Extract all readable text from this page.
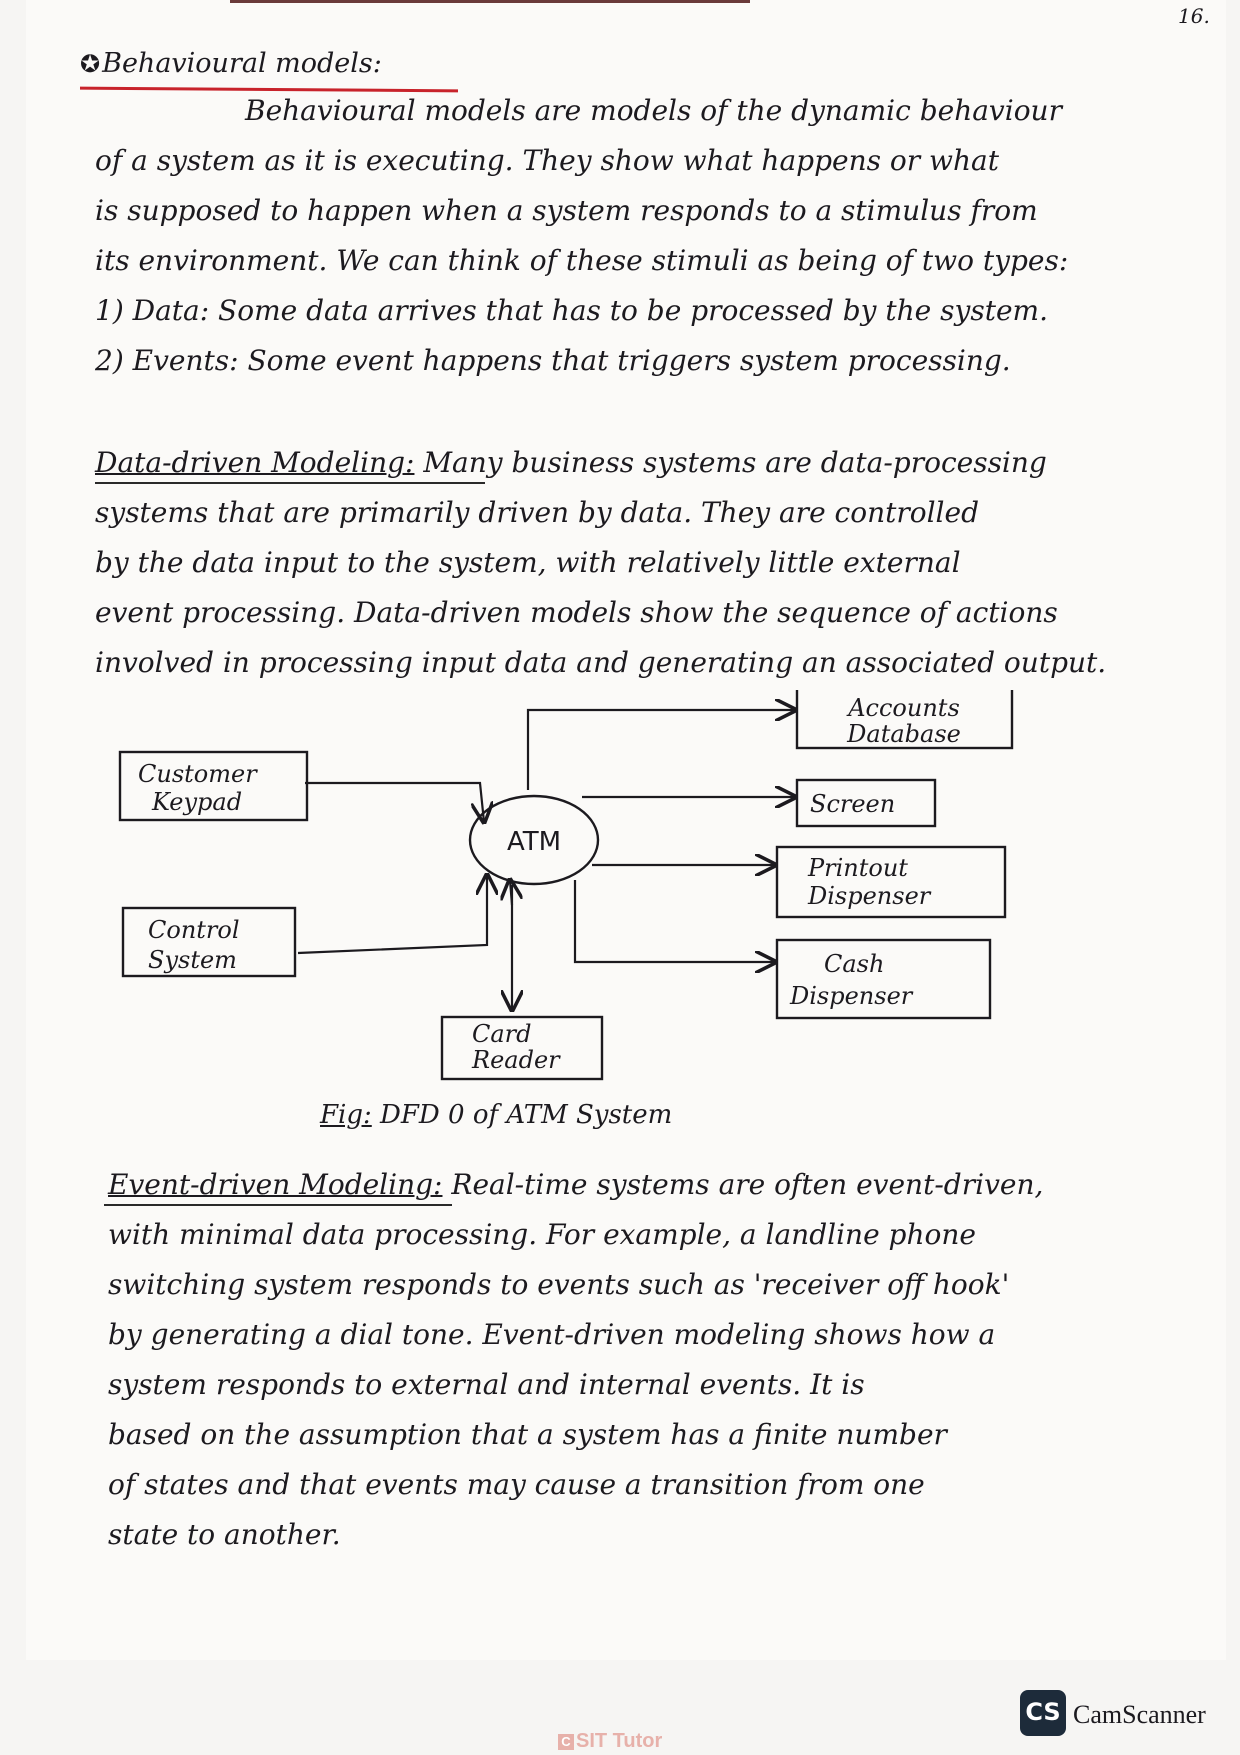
16.
✪Behavioural models:

Behavioural models are models of the dynamic behaviour
of a system as it is executing. They show what happens or what
is supposed to happen when a system responds to a stimulus from
its environment. We can think of these stimuli as being of two types:
1) Data: Some data arrives that has to be processed by the system.
2) Events: Some event happens that triggers system processing.

Data-driven Modeling: Many business systems are data-processing
systems that are primarily driven by data. They are controlled
by the data input to the system, with relatively little external
event processing. Data-driven models show the sequence of actions
involved in processing input data and generating an associated output.

ATM
Accounts
Database
Customer
Keypad	Screen
Printout
Dispenser
Control
System	Cash
Dispenser
Card
Reader
Fig: DFD 0 of ATM System

Event-driven Modeling: Real-time systems are often event-driven,
with minimal data processing. For example, a landline phone
switching system responds to events such as 'receiver off hook'
by generating a dial tone. Event-driven modeling shows how a
system responds to external and internal events. It is
based on the assumption that a system has a finite number
of states and that events may cause a transition from one
state to another.

CS CamScanner
C SIT Tutor
